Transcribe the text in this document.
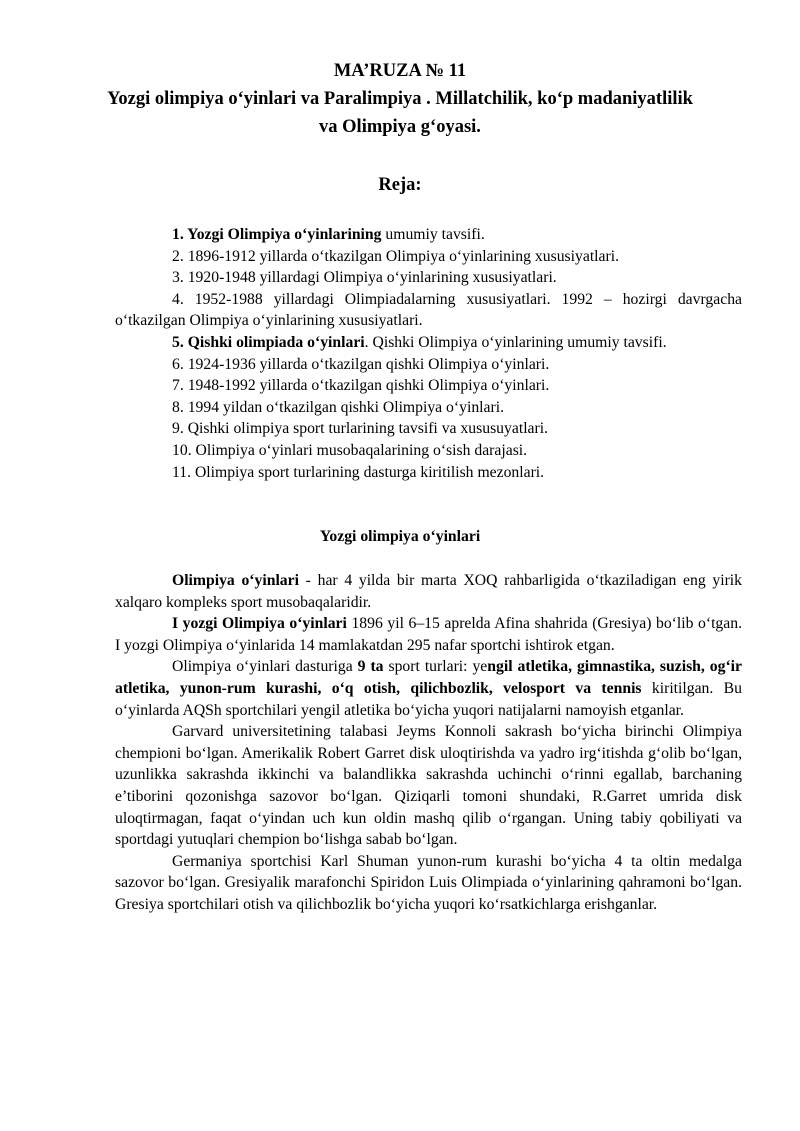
MA’RUZA № 11
Yozgi olimpiya o‘yinlari va Paralimpiya . Millatchilik, ko‘p madaniyatlilik va Olimpiya g‘oyasi.
Reja:

1. Yozgi Olimpiya o‘yinlarining umumiy tavsifi.

2. 1896-1912 yillarda o‘tkazilgan Olimpiya o‘yinlarining xususiyatlari.

3. 1920-1948 yillardagi Olimpiya o‘yinlarining xususiyatlari.

4. 1952-1988 yillardagi Olimpiadalarning xususiyatlari. 1992 – hozirgi davrgacha o‘tkazilgan Olimpiya o‘yinlarining xususiyatlari.

5. Qishki olimpiada o‘yinlari. Qishki Olimpiya o‘yinlarining umumiy tavsifi.

6. 1924-1936 yillarda o‘tkazilgan qishki Olimpiya o‘yinlari.

7. 1948-1992 yillarda o‘tkazilgan qishki Olimpiya o‘yinlari.

8. 1994 yildan o‘tkazilgan qishki Olimpiya o‘yinlari.

9. Qishki olimpiya sport turlarining tavsifi va xususuyatlari.

10. Olimpiya o‘yinlari musobaqalarining o‘sish darajasi.

11. Olimpiya sport turlarining dasturga kiritilish mezonlari.

Yozgi olimpiya o‘yinlari

Olimpiya o‘yinlari - har 4 yilda bir marta XOQ rahbarligida o‘tkaziladigan eng yirik xalqaro kompleks sport musobaqalaridir.

I yozgi Olimpiya o‘yinlari 1896 yil 6–15 aprelda Afina shahrida (Gresiya) bo‘lib o‘tgan. I yozgi Olimpiya o‘yinlarida 14 mamlakatdan 295 nafar sportchi ishtirok etgan.

Olimpiya o‘yinlari dasturiga 9 ta sport turlari: yengil atletika, gimnastika, suzish, og‘ir atletika, yunon-rum kurashi, o‘q otish, qilichbozlik, velosport va tennis kiritilgan. Bu o‘yinlarda AQSh sportchilari yengil atletika bo‘yicha yuqori natijalarni namoyish etganlar.

Garvard universitetining talabasi Jeyms Konnoli sakrash bo‘yicha birinchi Olimpiya chempioni bo‘lgan. Amerikalik Robert Garret disk uloqtirishda va yadro irg‘itishda g‘olib bo‘lgan, uzunlikka sakrashda ikkinchi va balandlikka sakrashda uchinchi o‘rinni egallab, barchaning e’tiborini qozonishga sazovor bo‘lgan. Qiziqarli tomoni shundaki, R.Garret umrida disk uloqtirmagan, faqat o‘yindan uch kun oldin mashq qilib o‘rgangan. Uning tabiy qobiliyati va sportdagi yutuqlari chempion bo‘lishga sabab bo‘lgan.

Germaniya sportchisi Karl Shuman yunon-rum kurashi bo‘yicha 4 ta oltin medalga sazovor bo‘lgan. Gresiyalik marafonchi Spiridon Luis Olimpiada o‘yinlarining qahramoni bo‘lgan. Gresiya sportchilari otish va qilichbozlik bo‘yicha yuqori ko‘rsatkichlarga erishganlar.
